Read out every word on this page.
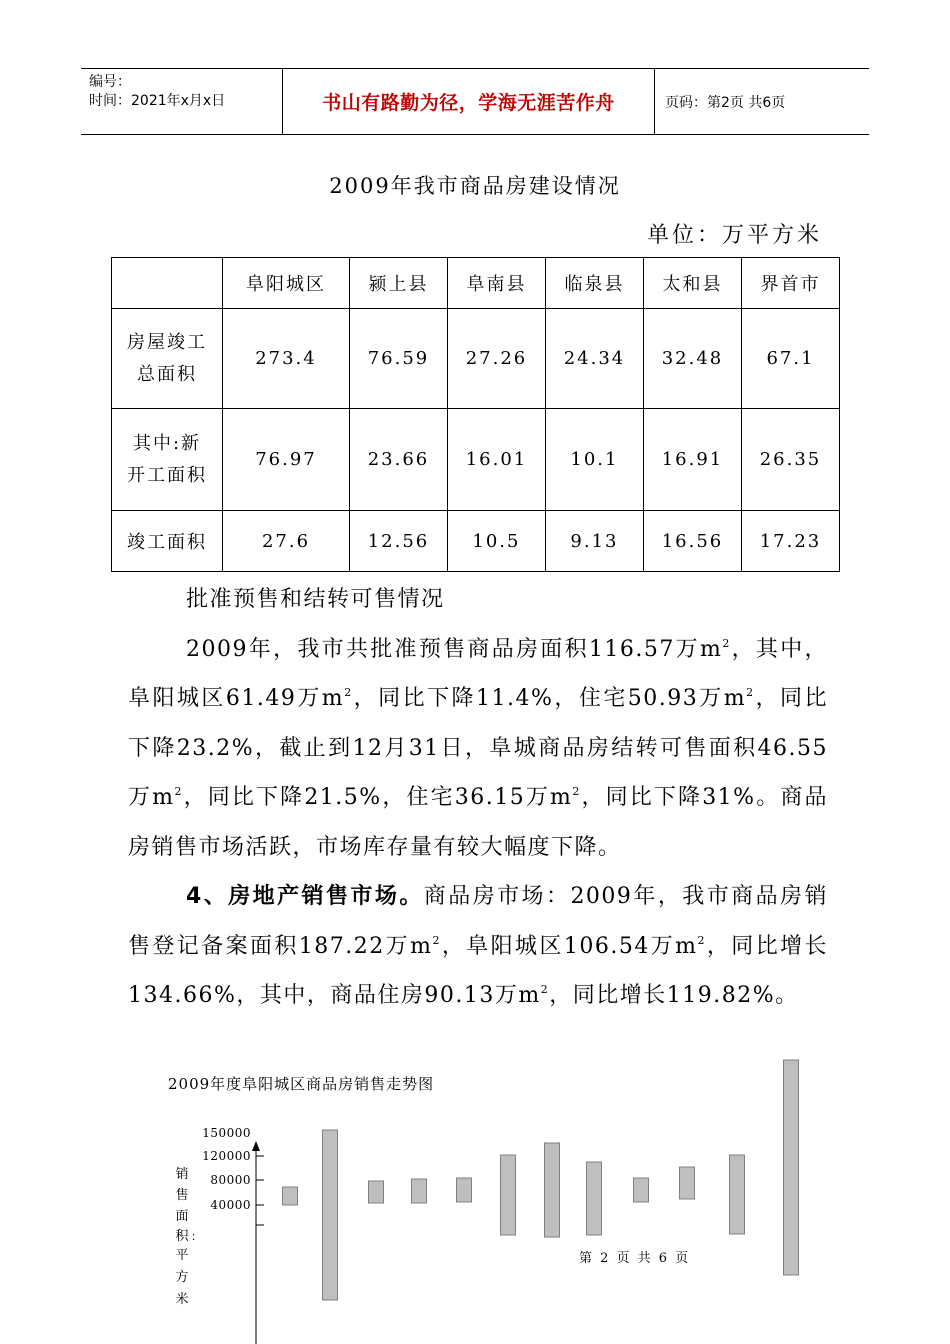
编号：
时间：2021年x月x日	书山有路勤为径，学海无涯苦作舟	页码：第2页 共6页
2009年我市商品房建设情况
单位：万平方米
	阜阳城区	颍上县	阜南县	临泉县	太和县	界首市

房屋竣工
总面积	273.4	76.59	27.26	24.34	32.48	67.1

其中:新
开工面积	76.97	23.66	16.01	10.1	16.91	26.35
竣工面积	27.6	12.56	10.5	9.13	16.56	17.23

批准预售和结转可售情况

2009年，我市共批准预售商品房面积116.57万$m^2$，其中，阜阳城区61.49万$m^2$，同比下降11.4%，住宅50.93万$m^2$，同比下降23.2%，截止到12月31日，阜城商品房结转可售面积46.55万$m^2$，同比下降21.5%，住宅36.15万$m^2$，同比下降31%。商品房销售市场活跃，市场库存量有较大幅度下降。

4、房地产销售市场。商品房市场：2009年，我市商品房销售登记备案面积187.22万$m^2$，阜阳城区106.54万$m^2$，同比增长134.66%，其中，商品住房90.13万$m^2$，同比增长119.82%。

2009年度阜阳城区商品房销售走势图
150000
120000
80000
40000
销
售
面
积
平
方
米
：
第 2 页 共 6 页
